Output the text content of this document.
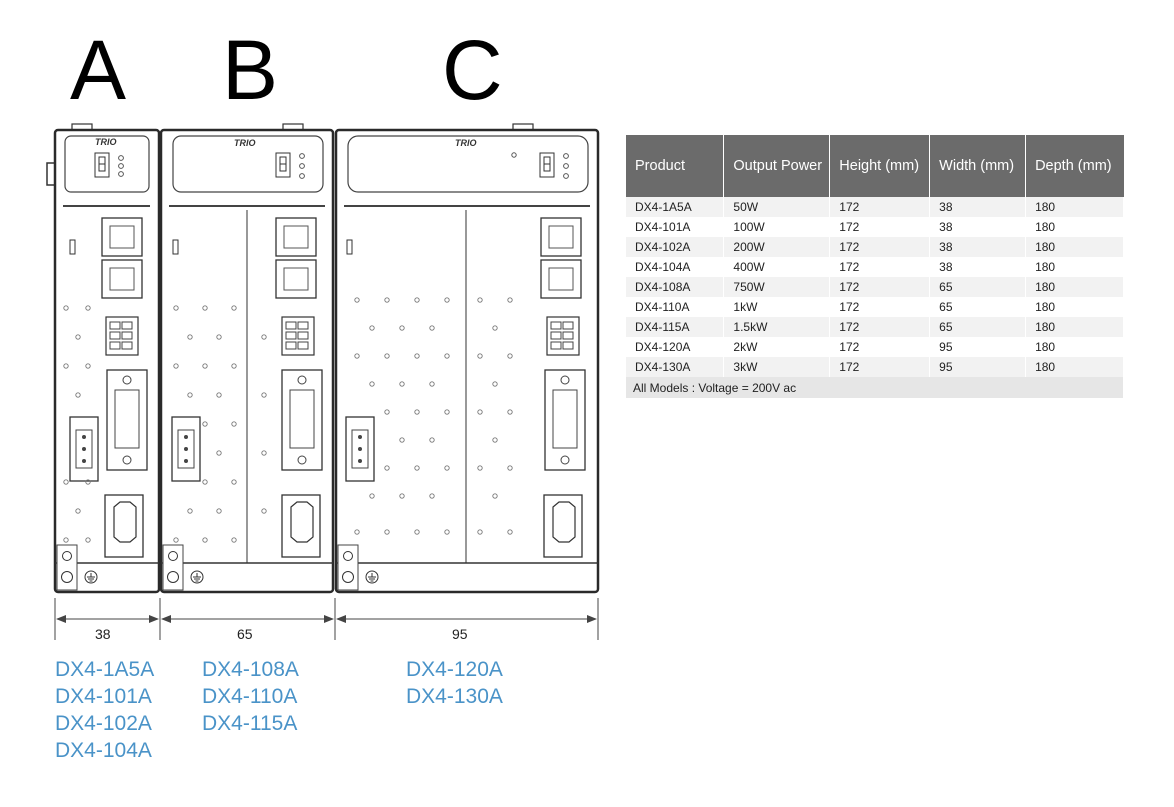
A B C
TRIO	TRIO	TRIO
38	65	95
DX4-1A5A
DX4-101A
DX4-102A
DX4-104A
DX4-108A
DX4-110A
DX4-115A
DX4-120A
DX4-130A
Product	Output Power	Height (mm)	Width (mm)	Depth (mm)
DX4-1A5A	50W	172	38	180
DX4-101A	100W	172	38	180
DX4-102A	200W	172	38	180
DX4-104A	400W	172	38	180
DX4-108A	750W	172	65	180
DX4-110A	1kW	172	65	180
DX4-115A	1.5kW	172	65	180
DX4-120A	2kW	172	95	180
DX4-130A	3kW	172	95	180
All Models : Voltage = 200V ac				
